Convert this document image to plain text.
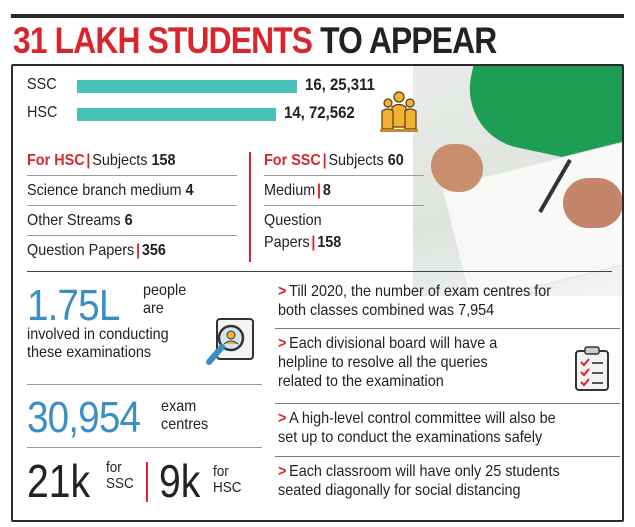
31 LAKH STUDENTS TO APPEAR
SSC
HSC
16, 25,311
14, 72,562
For HSC | Subjects 158
Science branch medium 4
Other Streams 6
Question Papers | 356
For SSC | Subjects 60
Medium | 8
Question
Papers | 158
1.75L people
are
involved in conducting
these examinations
30,954 exam
centres
21k for
SSC 9k for
HSC
> Till 2020, the number of exam centres for
both classes combined was 7,954
> Each divisional board will have a
helpline to resolve all the queries
related to the examination
> A high-level control committee will also be
set up to conduct the examinations safely
> Each classroom will have only 25 students
seated diagonally for social distancing
